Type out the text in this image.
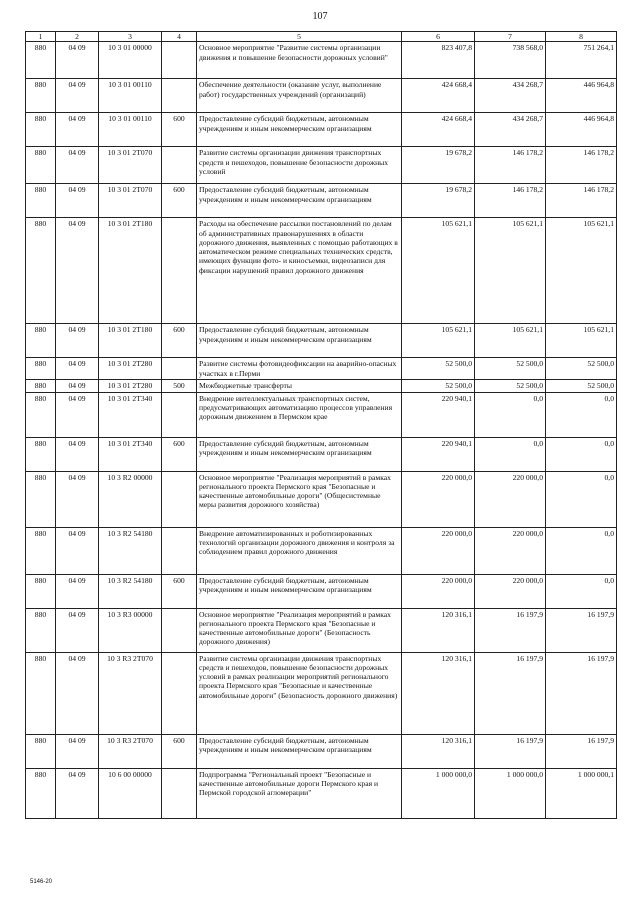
107
1	2	3	4	5	6	7	8
880	04 09	10 3 01 00000		Основное мероприятие "Развитие системы организации движения и повышение безопасности дорожных условий"	823 407,8	738 568,0	751 264,1
880	04 09	10 3 01 00110		Обеспечение деятельности (оказание услуг, выполнение работ) государственных учреждений (организаций)	424 668,4	434 268,7	446 964,8
880	04 09	10 3 01 00110	600	Предоставление субсидий бюджетным, автономным учреждениям и иным некоммерческим организациям	424 668,4	434 268,7	446 964,8
880	04 09	10 3 01 2Т070		Развитие системы организации движения транспортных средств и пешеходов, повышение безопасности дорожных условий	19 678,2	146 178,2	146 178,2
880	04 09	10 3 01 2Т070	600	Предоставление субсидий бюджетным, автономным учреждениям и иным некоммерческим организациям	19 678,2	146 178,2	146 178,2
880	04 09	10 3 01 2Т180		Расходы на обеспечение рассылки постановлений по делам об административных правонарушениях в области дорожного движения, выявленных с помощью работающих в автоматическом режиме специальных технических средств, имеющих функции фото- и киносъемки, видеозаписи для фиксации нарушений правил дорожного движения	105 621,1	105 621,1	105 621,1
880	04 09	10 3 01 2Т180	600	Предоставление субсидий бюджетным, автономным учреждениям и иным некоммерческим организациям	105 621,1	105 621,1	105 621,1
880	04 09	10 3 01 2Т280		Развитие системы фотовидеофиксации на аварийно-опасных участках в г.Перми	52 500,0	52 500,0	52 500,0
880	04 09	10 3 01 2Т280	500	Межбюджетные трансферты	52 500,0	52 500,0	52 500,0
880	04 09	10 3 01 2Т340		Внедрение интеллектуальных транспортных систем, предусматривающих автоматизацию процессов управления дорожным движением в Пермском крае	220 940,1	0,0	0,0
880	04 09	10 3 01 2Т340	600	Предоставление субсидий бюджетным, автономным учреждениям и иным некоммерческим организациям	220 940,1	0,0	0,0
880	04 09	10 3 R2 00000		Основное мероприятие "Реализация мероприятий в рамках регионального проекта Пермского края "Безопасные и качественные автомобильные дороги" (Общесистемные меры развития дорожного хозяйства)	220 000,0	220 000,0	0,0
880	04 09	10 3 R2 54180		Внедрение автоматизированных и роботизированных технологий организации дорожного движения и контроля за соблюдением правил дорожного движения	220 000,0	220 000,0	0,0
880	04 09	10 3 R2 54180	600	Предоставление субсидий бюджетным, автономным учреждениям и иным некоммерческим организациям	220 000,0	220 000,0	0,0
880	04 09	10 3 R3 00000		Основное мероприятие "Реализация мероприятий в рамках регионального проекта Пермского края "Безопасные и качественные автомобильные дороги" (Безопасность дорожного движения)	120 316,1	16 197,9	16 197,9
880	04 09	10 3 R3 2Т070		Развитие системы организации движения транспортных средств и пешеходов, повышение безопасности дорожных условий в рамках реализации мероприятий регионального проекта Пермского края "Безопасные и качественные автомобильные дороги" (Безопасность дорожного движения)	120 316,1	16 197,9	16 197,9
880	04 09	10 3 R3 2Т070	600	Предоставление субсидий бюджетным, автономным учреждениям и иным некоммерческим организациям	120 316,1	16 197,9	16 197,9
880	04 09	10 6 00 00000		Подпрограмма "Региональный проект "Безопасные и качественные автомобильные дороги Пермского края и Пермской городской агломерации"	1 000 000,0	1 000 000,0	1 000 000,1
5146-20
